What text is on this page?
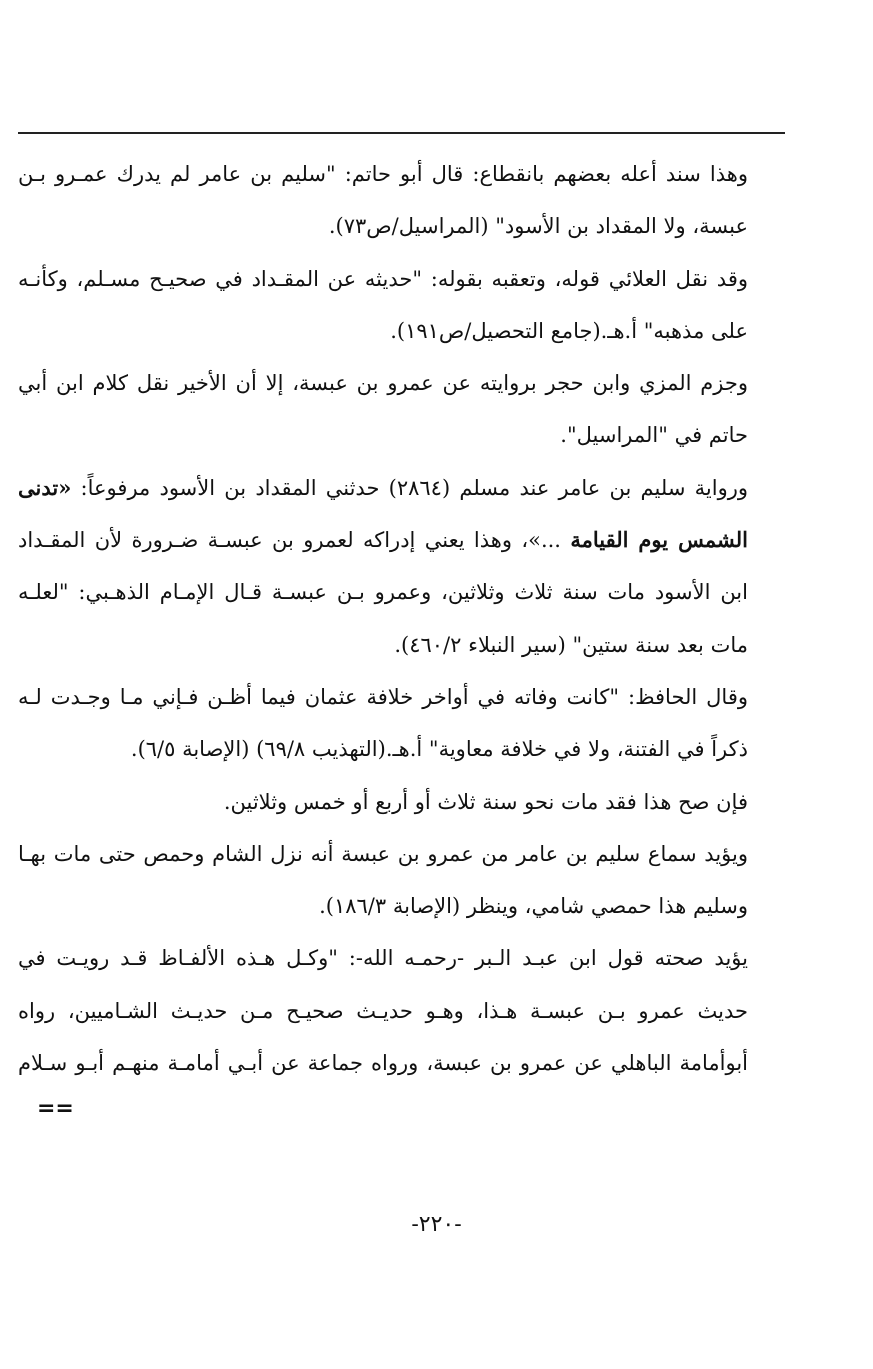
وهذا سند أعله بعضهم بانقطاع: قال أبو حاتم: "سليم بن عامر لم يدرك عمـرو بـن
عبسة، ولا المقداد بن الأسود" (المراسيل/ص٧٣).
وقد نقل العلائي قوله، وتعقبه بقوله: "حديثه عن المقـداد في صحيـح مسـلم، وكأنـه
على مذهبه" أ.هـ.(جامع التحصيل/ص١٩١).
وجزم المزي وابن حجر بروايته عن عمرو بن عبسة، إلا أن الأخير نقل كلام ابن أبي
حاتم في "المراسيل".
ورواية سليم بن عامر عند مسلم (٢٨٦٤) حدثني المقداد بن الأسود مرفوعاً: «تدنى
الشمس يوم القيامة ...»، وهذا يعني إدراكه لعمرو بن عبسـة ضـرورة لأن المقـداد
ابن الأسود مات سنة ثلاث وثلاثين، وعمرو بـن عبسـة قـال الإمـام الذهـبي: "لعلـه
مات بعد سنة ستين" (سير النبلاء ٤٦٠/٢).
وقال الحافظ: "كانت وفاته في أواخر خلافة عثمان فيما أظـن فـإني مـا وجـدت لـه
ذكراً في الفتنة، ولا في خلافة معاوية" أ.هـ.(التهذيب ٦٩/٨) (الإصابة ٦/٥).
فإن صح هذا فقد مات نحو سنة ثلاث أو أربع أو خمس وثلاثين.
ويؤيد سماع سليم بن عامر من عمرو بن عبسة أنه نزل الشام وحمص حتى مات بهـا
وسليم هذا حمصي شامي، وينظر (الإصابة ١٨٦/٣).
يؤيد صحته قول ابن عبـد الـبر -رحمـه الله-: "وكـل هـذه الألفـاظ قـد رويـت في
حديث عمرو بـن عبسـة هـذا، وهـو حديـث صحيـح مـن حديـث الشـاميين، رواه
أبوأمامة الباهلي عن عمرو بن عبسة، ورواه جماعة عن أبـي أمامـة منهـم أبـو سـلام
==
-٢٢٠-
